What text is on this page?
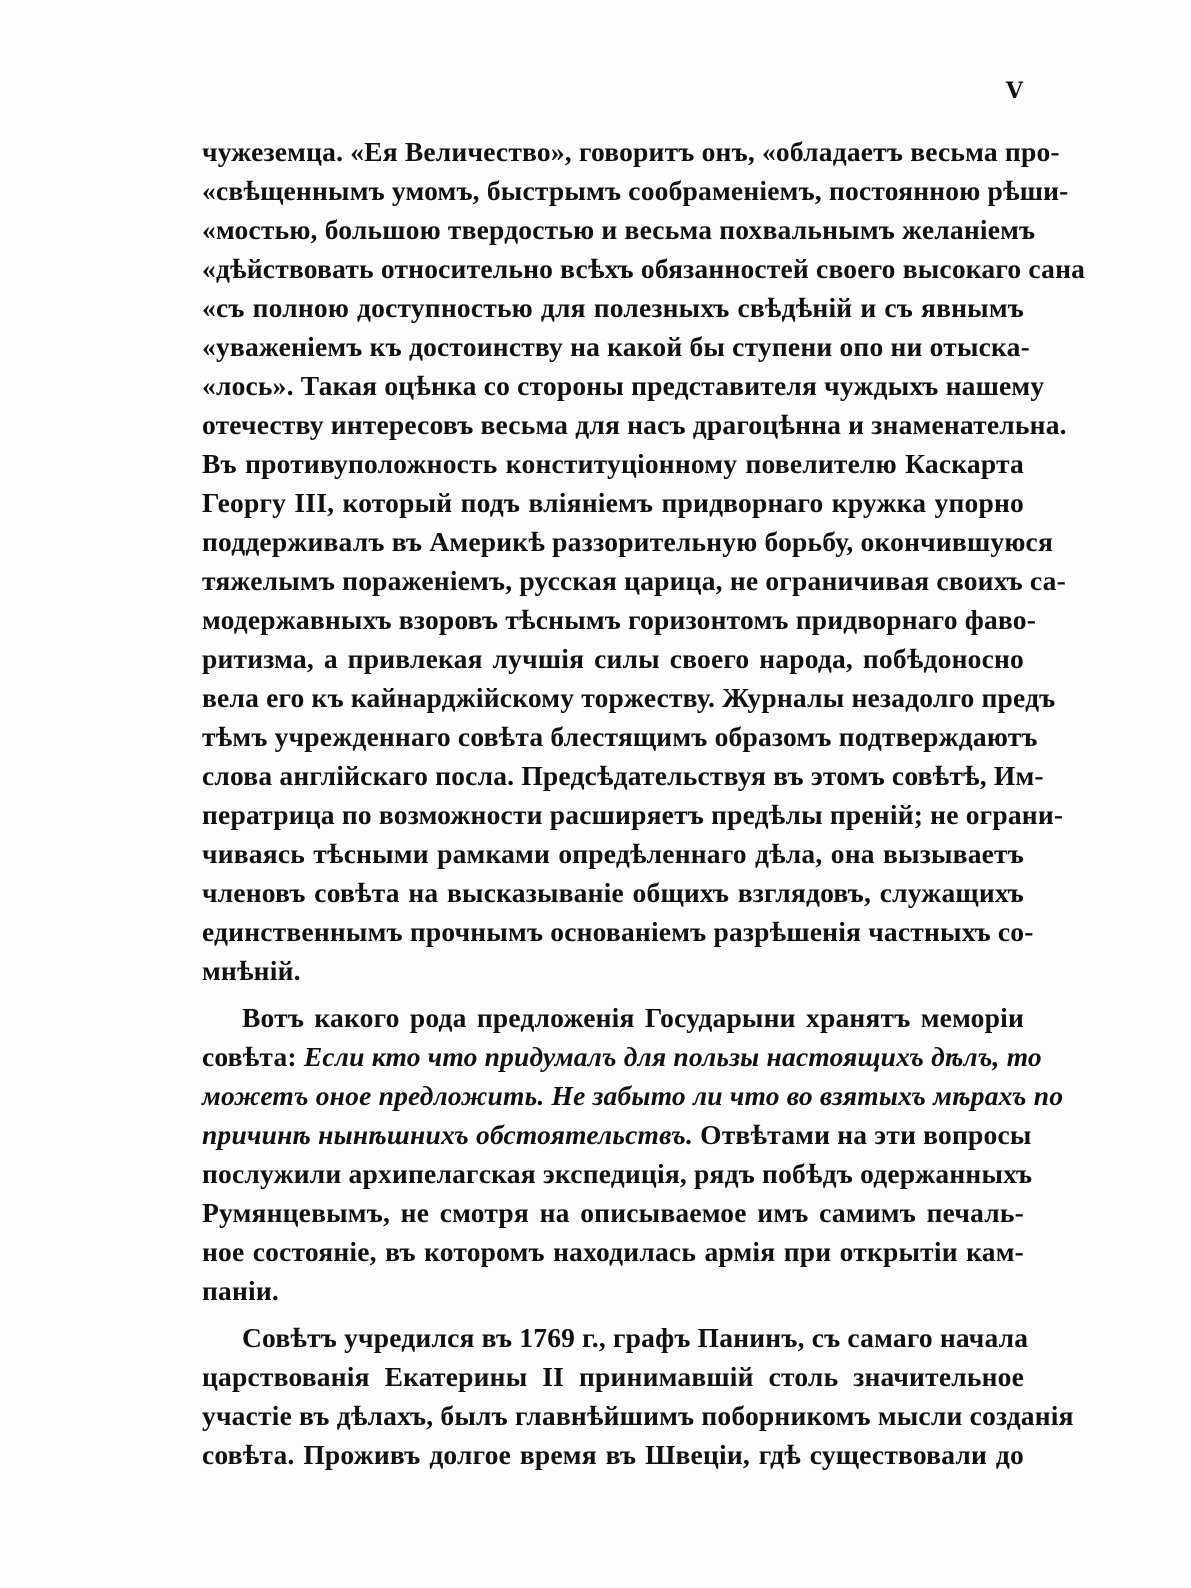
V
чужеземца. «Ея Величество», говоритъ онъ, «обладаетъ весьма про-
«свѣщеннымъ умомъ, быстрымъ сообраменіемъ, постоянною рѣши-
«мостью, большою твердостью и весьма похвальнымъ желаніемъ
«дѣйствовать относительно всѣхъ обязанностей своего высокаго сана
«съ полною доступностью для полезныхъ свѣдѣній и съ явнымъ
«уваженіемъ къ достоинству на какой бы ступени опо ни отыска-
«лось». Такая оцѣнка со стороны представителя чуждыхъ нашему
отечеству интересовъ весьма для насъ драгоцѣнна и знаменательна.
Въ противуположность конституціонному повелителю Каскарта
Георгу III, который подъ вліяніемъ придворнаго кружка упорно
поддерживалъ въ Америкѣ раззорительную борьбу, окончившуюся
тяжелымъ пораженіемъ, русская царица, не ограничивая своихъ са-
модержавныхъ взоровъ тѣснымъ горизонтомъ придворнаго фаво-
ритизма, а привлекая лучшія силы своего народа, побѣдоносно
вела его къ кайнарджійскому торжеству. Журналы незадолго предъ
тѣмъ учрежденнаго совѣта блестящимъ образомъ подтверждаютъ
слова англійскаго посла. Предсѣдательствуя въ этомъ совѣтѣ, Им-
ператрица по возможности расширяетъ предѣлы преній; не ограни-
чиваясь тѣсными рамками опредѣленнаго дѣла, она вызываетъ
членовъ совѣта на высказываніе общихъ взглядовъ, служащихъ
единственнымъ прочнымъ основаніемъ разрѣшенія частныхъ со-
мнѣній.
Вотъ какого рода предложенія Государыни хранятъ меморіи
совѣта: Если кто что придумалъ для пользы настоящихъ дѣлъ, то
можетъ оное предложить. Не забыто ли что во взятыхъ мѣрахъ по
причинѣ нынѣшнихъ обстоятельствъ. Отвѣтами на эти вопросы
послужили архипелагская экспедиція, рядъ побѣдъ одержанныхъ
Румянцевымъ, не смотря на описываемое имъ самимъ печаль-
ное состояніе, въ которомъ находилась армія при открытіи кам-
паніи.
Совѣтъ учредился въ 1769 г., графъ Панинъ, съ самаго начала
царствованія Екатерины II принимавшій столь значительное
участіе въ дѣлахъ, былъ главнѣйшимъ поборникомъ мысли созданія
совѣта. Проживъ долгое время въ Швеціи, гдѣ существовали до
